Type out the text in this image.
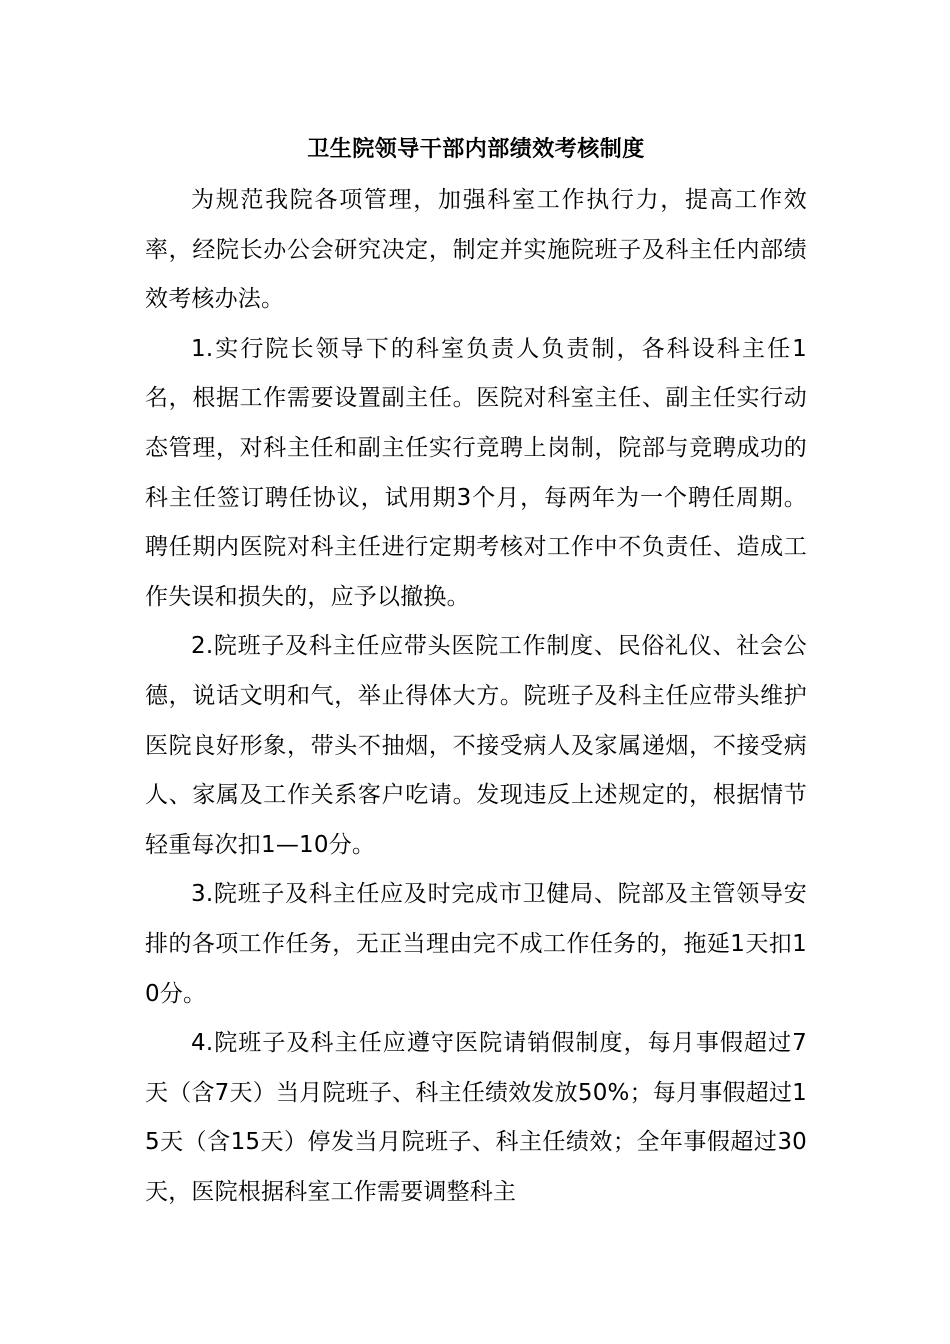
卫生院领导干部内部绩效考核制度

为规范我院各项管理，加强科室工作执行力，提高工作效率，经院长办公会研究决定，制定并实施院班子及科主任内部绩效考核办法。

1.实行院长领导下的科室负责人负责制，各科设科主任1名，根据工作需要设置副主任。医院对科室主任、副主任实行动态管理，对科主任和副主任实行竞聘上岗制，院部与竞聘成功的科主任签订聘任协议，试用期3个月，每两年为一个聘任周期。聘任期内医院对科主任进行定期考核对工作中不负责任、造成工作失误和损失的，应予以撤换。

2.院班子及科主任应带头医院工作制度、民俗礼仪、社会公德，说话文明和气，举止得体大方。院班子及科主任应带头维护医院良好形象，带头不抽烟，不接受病人及家属递烟，不接受病人、家属及工作关系客户吃请。发现违反上述规定的，根据情节轻重每次扣1—10分。

3.院班子及科主任应及时完成市卫健局、院部及主管领导安排的各项工作任务，无正当理由完不成工作任务的，拖延1天扣10分。

4.院班子及科主任应遵守医院请销假制度，每月事假超过7天（含7天）当月院班子、科主任绩效发放50%；每月事假超过15天（含15天）停发当月院班子、科主任绩效；全年事假超过30天，医院根据科室工作需要调整科主
